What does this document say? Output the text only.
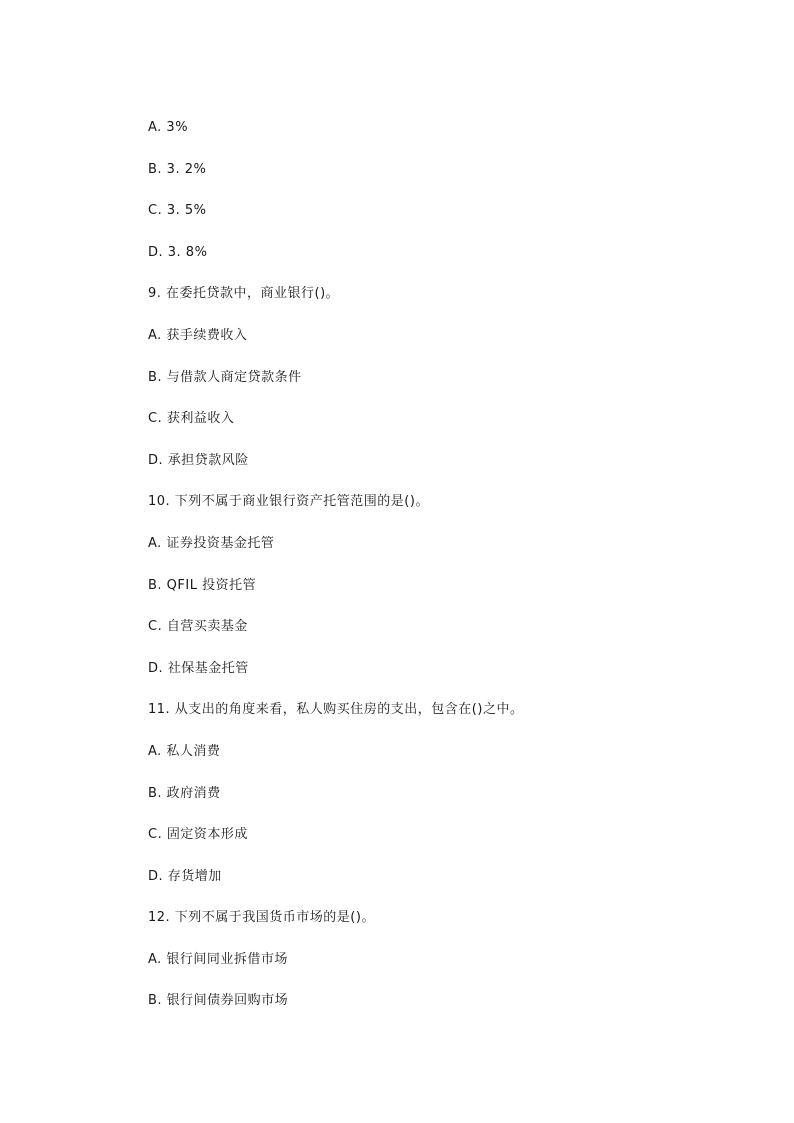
A. 3%
B. 3. 2%
C. 3. 5%
D. 3. 8%
9. 在委托贷款中，商业银行()。
A. 获手续费收入
B. 与借款人商定贷款条件
C. 获利益收入
D. 承担贷款风险
10. 下列不属于商业银行资产托管范围的是()。
A. 证券投资基金托管
B. QFIL 投资托管
C. 自营买卖基金
D. 社保基金托管
11. 从支出的角度来看，私人购买住房的支出，包含在()之中。
A. 私人消费
B. 政府消费
C. 固定资本形成
D. 存货增加
12. 下列不属于我国货币市场的是()。
A. 银行间同业拆借市场
B. 银行间债券回购市场
